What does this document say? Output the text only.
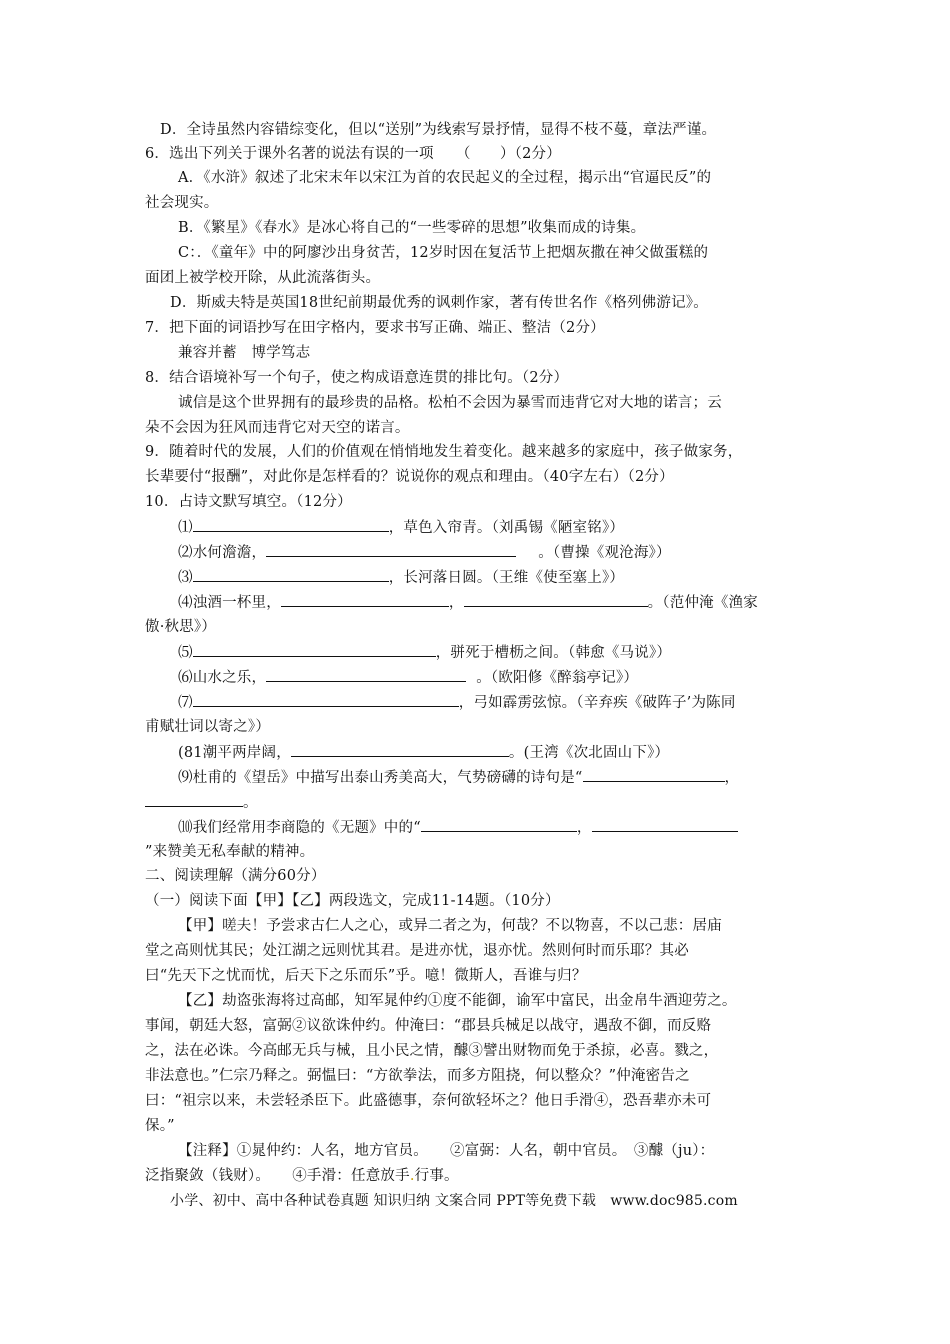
D．全诗虽然内容错综变化，但以“送别”为线索写景抒情，显得不枝不蔓，章法严谨。
6．选出下列关于课外名著的说法有误的一项　　（　　）（2分）
A．《水浒》叙述了北宋末年以宋江为首的农民起义的全过程，揭示出“官逼民反”的
社会现实。
B．《繁星》《春水》是冰心将自己的“一些零碎的思想”收集而成的诗集。
C：．《童年》中的阿廖沙出身贫苦，12岁时因在复活节上把烟灰撒在神父做蛋糕的
面团上被学校开除，从此流落街头。
D．斯威夫特是英国18世纪前期最优秀的讽刺作家，著有传世名作《格列佛游记》。
7．把下面的词语抄写在田字格内，要求书写正确、端正、整洁（2分）
兼容并蓄　博学笃志
8．结合语境补写一个句子，使之构成语意连贯的排比句。（2分）
诚信是这个世界拥有的最珍贵的品格。松柏不会因为暴雪而违背它对大地的诺言；云
朵不会因为狂风而违背它对天空的诺言。
9．随着时代的发展，人们的价值观在悄悄地发生着变化。越来越多的家庭中，孩子做家务，
长辈要付“报酬”，对此你是怎样看的？说说你的观点和理由。（40字左右）（2分）
10．占诗文默写填空。（12分）
⑴	，草色入帘青。（刘禹锡《陋室铭》）
⑵水何澹澹，	。（曹操《观沧海》）
⑶	，长河落日圆。（王维《使至塞上》）
⑷浊酒一杯里，	，	。（范仲淹《渔家
傲·秋思》）
⑸	，骈死于槽枥之间。（韩愈《马说》）
⑹山水之乐，	。（欧阳修《醉翁亭记》）
⑺	，弓如霹雳弦惊。（辛弃疾《破阵子’为陈同
甫赋壮词以寄之》）
(81潮平两岸阔，	。(王湾《次北固山下》）
⑼杜甫的《望岳》中描写出泰山秀美高大，气势磅礴的诗句是“	，
。
⑽我们经常用李商隐的《无题》中的“	，
”来赞美无私奉献的精神。
二、阅读理解（满分60分）
（一）阅读下面【甲】【乙】两段选文，完成11-14题。（10分）
【甲】嗟夫！予尝求古仁人之心，或异二者之为，何哉？不以物喜，不以己悲：居庙
堂之高则忧其民；处江湖之远则忧其君。是进亦忧，退亦忧。然则何时而乐耶？其必
曰“先天下之忧而忧，后天下之乐而乐”乎。噫！微斯人，吾谁与归？
【乙】劫盗张海将过高邮，知军晁仲约①度不能御，谕军中富民，出金帛牛酒迎劳之。
事闻，朝廷大怒，富弼②议欲诛仲约。仲淹曰：“郡县兵械足以战守，遇敌不御，而反赂
之，法在必诛。今高邮无兵与械，且小民之情，醵③譬出财物而免于杀掠，必喜。戮之，
非法意也。”仁宗乃释之。弼愠曰：“方欲拳法，而多方阻挠，何以整众？”仲淹密告之
曰：“祖宗以来，未尝轻杀臣下。此盛德事，奈何欲轻坏之？他日手滑④，恐吾辈亦未可
保。”
【注释】①晁仲约：人名，地方官员。　　②富弼：人名，朝中官员。　③醵（ju）：
泛指聚敛（钱财）。　　④手滑：任意放手.行事。
小学、初中、高中各种试卷真题 知识归纳 文案合同 PPT等免费下载　www.doc985.com
